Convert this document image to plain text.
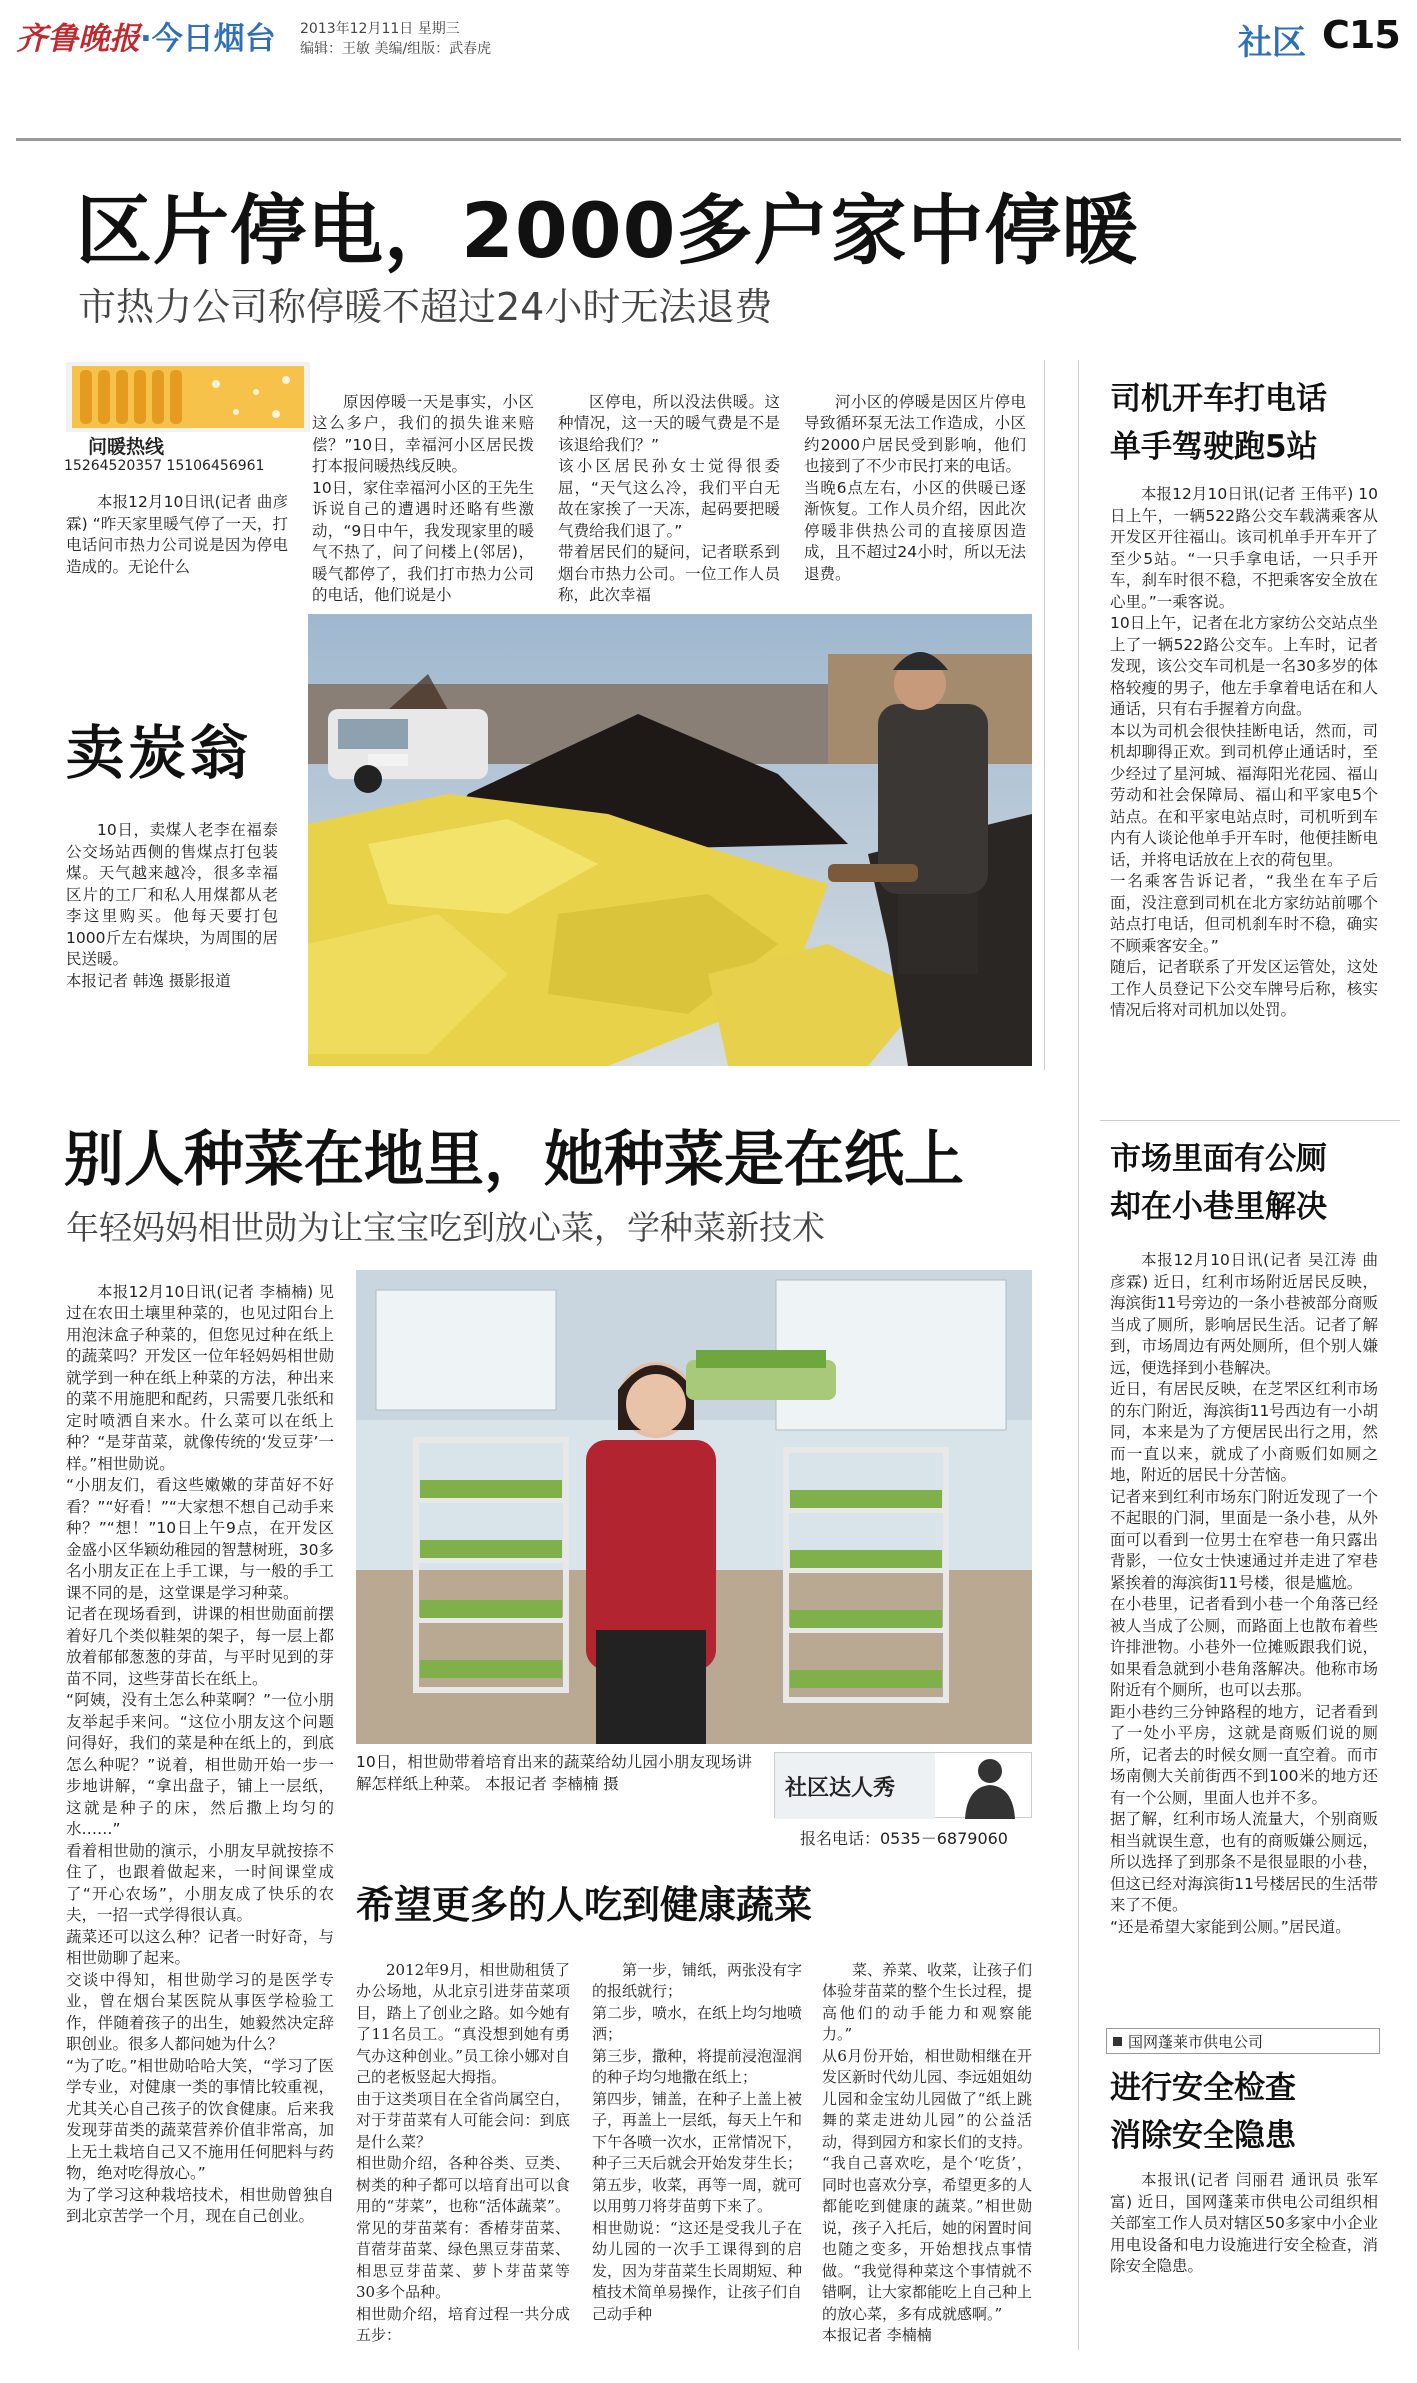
齐鲁晚报 ·今日烟台 2013年12月11日 星期三
编辑：王敏 美编/组版：武春虎	社区 C15
区片停电，2000多户家中停暖
市热力公司称停暖不超过24小时无法退费
问暖热线
15264520357 15106456961

本报12月10日讯(记者 曲彦霖) “昨天家里暖气停了一天，打电话问市热力公司说是因为停电造成的。无论什么

原因停暖一天是事实，小区这么多户，我们的损失谁来赔偿？”10日，幸福河小区居民拨打本报问暖热线反映。
10日，家住幸福河小区的王先生诉说自己的遭遇时还略有些激动，“9日中午，我发现家里的暖气不热了，问了问楼上(邻居)，暖气都停了，我们打市热力公司的电话，他们说是小

区停电，所以没法供暖。这种情况，这一天的暖气费是不是该退给我们？”
该小区居民孙女士觉得很委屈，“天气这么冷，我们平白无故在家挨了一天冻，起码要把暖气费给我们退了。”
带着居民们的疑问，记者联系到烟台市热力公司。一位工作人员称，此次幸福

河小区的停暖是因区片停电导致循环泵无法工作造成，小区约2000户居民受到影响，他们也接到了不少市民打来的电话。
当晚6点左右，小区的供暖已逐渐恢复。工作人员介绍，因此次停暖非供热公司的直接原因造成，且不超过24小时，所以无法退费。

卖炭翁
10日，卖煤人老李在福泰公交场站西侧的售煤点打包装煤。天气越来越冷，很多幸福区片的工厂和私人用煤都从老李这里购买。他每天要打包1000斤左右煤块，为周围的居民送暖。
本报记者 韩逸 摄影报道
别人种菜在地里，她种菜是在纸上
年轻妈妈相世勋为让宝宝吃到放心菜，学种菜新技术

本报12月10日讯(记者 李楠楠) 见过在农田土壤里种菜的，也见过阳台上用泡沫盒子种菜的，但您见过种在纸上的蔬菜吗？开发区一位年轻妈妈相世勋就学到一种在纸上种菜的方法，种出来的菜不用施肥和配药，只需要几张纸和定时喷洒自来水。什么菜可以在纸上种？“是芽苗菜，就像传统的‘发豆芽’一样。”相世勋说。
“小朋友们，看这些嫩嫩的芽苗好不好看？”“好看！”“大家想不想自己动手来种？”“想！”10日上午9点，在开发区金盛小区华颖幼稚园的智慧树班，30多名小朋友正在上手工课，与一般的手工课不同的是，这堂课是学习种菜。
记者在现场看到，讲课的相世勋面前摆着好几个类似鞋架的架子，每一层上都放着郁郁葱葱的芽苗，与平时见到的芽苗不同，这些芽苗长在纸上。
“阿姨，没有土怎么种菜啊？”一位小朋友举起手来问。“这位小朋友这个问题问得好，我们的菜是种在纸上的，到底怎么种呢？”说着，相世勋开始一步一步地讲解，“拿出盘子，铺上一层纸，这就是种子的床，然后撒上均匀的水……”
看着相世勋的演示，小朋友早就按捺不住了，也跟着做起来，一时间课堂成了“开心农场”，小朋友成了快乐的农夫，一招一式学得很认真。
蔬菜还可以这么种？记者一时好奇，与相世勋聊了起来。
交谈中得知，相世勋学习的是医学专业，曾在烟台某医院从事医学检验工作，伴随着孩子的出生，她毅然决定辞职创业。很多人都问她为什么？
“为了吃。”相世勋哈哈大笑，“学习了医学专业，对健康一类的事情比较重视，尤其关心自己孩子的饮食健康。后来我发现芽苗类的蔬菜营养价值非常高，加上无土栽培自己又不施用任何肥料与药物，绝对吃得放心。”
为了学习这种栽培技术，相世勋曾独自到北京苦学一个月，现在自己创业。

10日，相世勋带着培育出来的蔬菜给幼儿园小朋友现场讲解怎样纸上种菜。 本报记者 李楠楠 摄	社区达人秀
报名电话：0535－6879060
希望更多的人吃到健康蔬菜

2012年9月，相世勋租赁了办公场地，从北京引进芽苗菜项目，踏上了创业之路。如今她有了11名员工。“真没想到她有勇气办这种创业。”员工徐小娜对自己的老板竖起大拇指。
由于这类项目在全省尚属空白，对于芽苗菜有人可能会问：到底是什么菜？
相世勋介绍，各种谷类、豆类、树类的种子都可以培育出可以食用的“芽菜”，也称“活体蔬菜”。常见的芽苗菜有：香椿芽苗菜、苜蓿芽苗菜、绿色黑豆芽苗菜、相思豆芽苗菜、萝卜芽苗菜等30多个品种。
相世勋介绍，培育过程一共分成五步：

第一步，铺纸，两张没有字的报纸就行；
第二步，喷水，在纸上均匀地喷洒；
第三步，撒种，将提前浸泡湿润的种子均匀地撒在纸上；
第四步，铺盖，在种子上盖上被子，再盖上一层纸，每天上午和下午各喷一次水，正常情况下，种子三天后就会开始发芽生长；
第五步，收菜，再等一周，就可以用剪刀将芽苗剪下来了。
相世勋说：“这还是受我儿子在幼儿园的一次手工课得到的启发，因为芽苗菜生长周期短、种植技术简单易操作，让孩子们自己动手种

菜、养菜、收菜，让孩子们体验芽苗菜的整个生长过程，提高他们的动手能力和观察能力。”
从6月份开始，相世勋相继在开发区新时代幼儿园、李远姐姐幼儿园和金宝幼儿园做了“纸上跳舞的菜走进幼儿园”的公益活动，得到园方和家长们的支持。
“我自己喜欢吃，是个‘吃货’，同时也喜欢分享，希望更多的人都能吃到健康的蔬菜。”相世勋说，孩子入托后，她的闲置时间也随之变多，开始想找点事情做。“我觉得种菜这个事情就不错啊，让大家都能吃上自己种上的放心菜，多有成就感啊。”
本报记者 李楠楠

司机开车打电话
单手驾驶跑5站
本报12月10日讯(记者 王伟平) 10日上午，一辆522路公交车载满乘客从开发区开往福山。该司机单手开车开了至少5站。“一只手拿电话，一只手开车，刹车时很不稳，不把乘客安全放在心里。”一乘客说。
10日上午，记者在北方家纺公交站点坐上了一辆522路公交车。上车时，记者发现，该公交车司机是一名30多岁的体格较瘦的男子，他左手拿着电话在和人通话，只有右手握着方向盘。
本以为司机会很快挂断电话，然而，司机却聊得正欢。到司机停止通话时，至少经过了星河城、福海阳光花园、福山劳动和社会保障局、福山和平家电5个站点。在和平家电站点时，司机听到车内有人谈论他单手开车时，他便挂断电话，并将电话放在上衣的荷包里。
一名乘客告诉记者，“我坐在车子后面，没注意到司机在北方家纺站前哪个站点打电话，但司机刹车时不稳，确实不顾乘客安全。”
随后，记者联系了开发区运管处，这处工作人员登记下公交车牌号后称，核实情况后将对司机加以处罚。
市场里面有公厕
却在小巷里解决
本报12月10日讯(记者 吴江涛 曲彦霖) 近日，红利市场附近居民反映，海滨街11号旁边的一条小巷被部分商贩当成了厕所，影响居民生活。记者了解到，市场周边有两处厕所，但个别人嫌远，便选择到小巷解决。
近日，有居民反映，在芝罘区红利市场的东门附近，海滨街11号西边有一小胡同，本来是为了方便居民出行之用，然而一直以来，就成了小商贩们如厕之地，附近的居民十分苦恼。
记者来到红利市场东门附近发现了一个不起眼的门洞，里面是一条小巷，从外面可以看到一位男士在窄巷一角只露出背影，一位女士快速通过并走进了窄巷紧挨着的海滨街11号楼，很是尴尬。
在小巷里，记者看到小巷一个角落已经被人当成了公厕，而路面上也散布着些许排泄物。小巷外一位摊贩跟我们说，如果看急就到小巷角落解决。他称市场附近有个厕所，也可以去那。
距小巷约三分钟路程的地方，记者看到了一处小平房，这就是商贩们说的厕所，记者去的时候女厕一直空着。而市场南侧大关前街西不到100米的地方还有一个公厕，里面人也并不多。
据了解，红利市场人流量大，个别商贩相当就误生意，也有的商贩嫌公厕远，所以选择了到那条不是很显眼的小巷，但这已经对海滨街11号楼居民的生活带来了不便。
“还是希望大家能到公厕。”居民道。
国网蓬莱市供电公司
进行安全检查
消除安全隐患
本报讯(记者 闫丽君 通讯员 张军富) 近日，国网蓬莱市供电公司组织相关部室工作人员对辖区50多家中小企业用电设备和电力设施进行安全检查，消除安全隐患。
